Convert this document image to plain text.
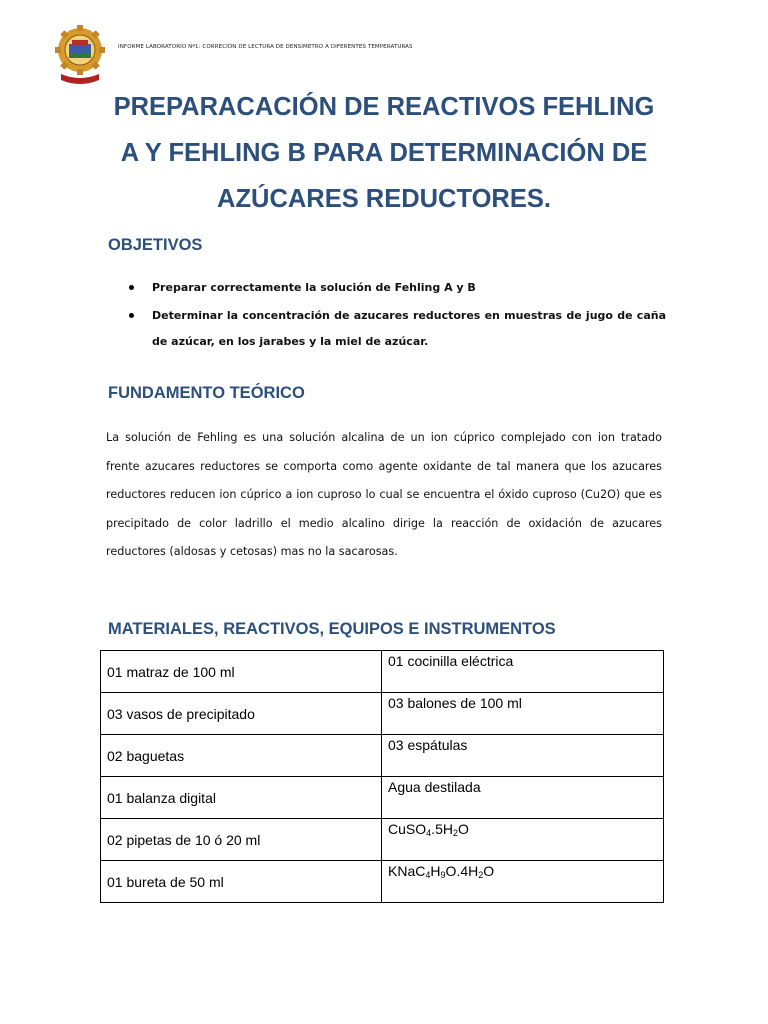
INFORME LABORATORIO Nº1: CORRECIÓN DE LECTURA DE DENSIMETRO A DIFERENTES TEMPERATURAS
PREPARACACIÓN DE REACTIVOS FEHLING
A Y FEHLING B PARA DETERMINACIÓN DE
AZÚCARES REDUCTORES.
OBJETIVOS
Preparar correctamente la solución de Fehling A y B
Determinar la concentración de azucares reductores en muestras de jugo de caña de azúcar, en los jarabes y la miel de azúcar.
FUNDAMENTO TEÓRICO

La solución de Fehling es una solución alcalina de un ion cúprico complejado con ion tratado frente azucares reductores se comporta como agente oxidante de tal manera que los azucares reductores reducen ion cúprico a ion cuproso lo cual se encuentra el óxido cuproso (Cu2O) que es precipitado de color ladrillo el medio alcalino dirige la reacción de oxidación de azucares reductores (aldosas y cetosas) mas no la sacarosas.

MATERIALES, REACTIVOS, EQUIPOS E INSTRUMENTOS
01 matraz de 100 ml	01 cocinilla eléctrica
03 vasos de precipitado	03 balones de 100 ml
02 baguetas	03 espátulas
01 balanza digital	Agua destilada
02 pipetas de 10 ó 20 ml	$CuSO_4.5H_2O$
01 bureta de 50 ml	$KNaC_4H_9O.4H_2O$
